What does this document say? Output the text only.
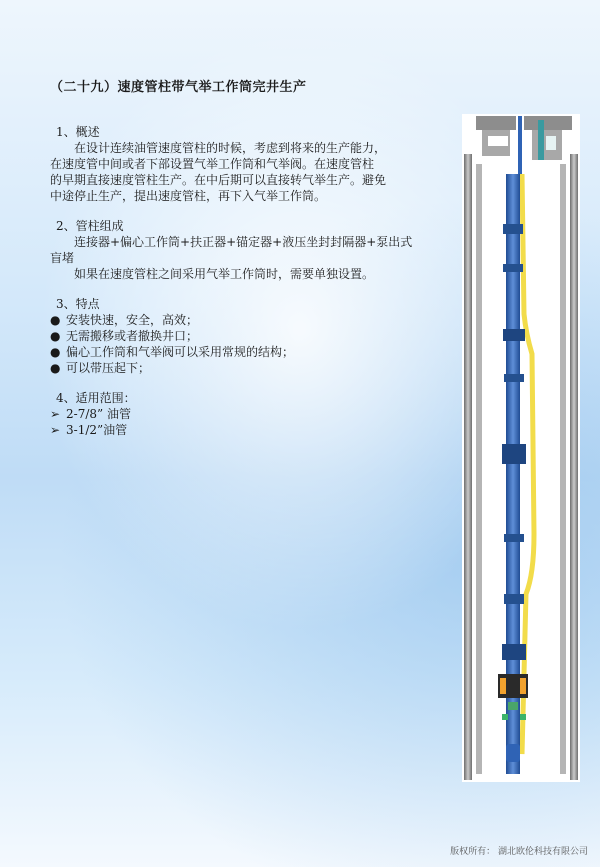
（二十九）速度管柱带气举工作筒完井生产
1、概述

在设计连续油管速度管柱的时候，考虑到将来的生产能力，

在速度管中间或者下部设置气举工作筒和气举阀。在速度管柱

的早期直接速度管柱生产。在中后期可以直接转气举生产。避免

中途停止生产，提出速度管柱，再下入气举工作筒。

2、管柱组成

连接器+偏心工作筒+扶正器+锚定器+液压坐封封隔器+泵出式

盲堵

如果在速度管柱之间采用气举工作筒时，需要单独设置。

3、特点
● 安装快速，安全，高效；
● 无需搬移或者撤换井口；
● 偏心工作筒和气举阀可以采用常规的结构；
● 可以带压起下；
4、适用范围：
➢ 2-7/8” 油管
➢ 3-1/2”油管
版权所有： 湖北欧伦科技有限公司
